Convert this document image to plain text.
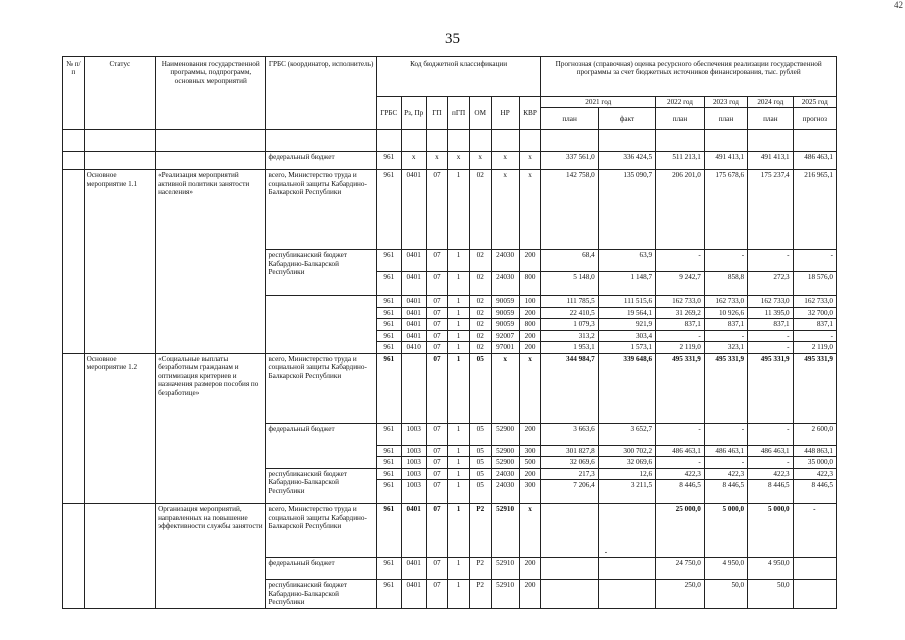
42
35
№ п/п	Статус	Наименования государственной программы, подпрограмм, основных мероприятий	ГРБС (координатор, исполнитель)	Код бюджетной классификации							Прогнозная (справочная) оценка ресурсного обеспечения реализации государственной программы за счет бюджетных источников финансирования, тыс. рублей					
				ГРБС	Рз, Пр	ГП	пГП	ОМ	НР	КВР	2021 год		2022 год	2023 год	2024 год	2025 год
											план	факт	план	план	план	прогноз

			федеральный бюджет	961	x	x	x	x	x	x	337 561,0	336 424,5	511 213,1	491 413,1	491 413,1	486 463,1
	Основное мероприятие 1.1	«Реализация мероприятий активной политики занятости населения»	всего, Министерство труда и социальной защиты Кабардино-Балкарской Республики	961	0401	07	1	02	x	x	142 758,0	135 090,7	206 201,0	175 678,6	175 237,4	216 965,1
			республиканский бюджет Кабардино-Балкарской Республики	961	0401	07	1	02	24030	200	68,4	63,9	-	-	-	-
				961	0401	07	1	02	24030	800	5 148,0	1 148,7	9 242,7	858,8	272,3	18 576,0
				961	0401	07	1	02	90059	100	111 785,5	111 515,6	162 733,0	162 733,0	162 733,0	162 733,0
				961	0401	07	1	02	90059	200	22 410,5	19 564,1	31 269,2	10 926,6	11 395,0	32 700,0
				961	0401	07	1	02	90059	800	1 079,3	921,9	837,1	837,1	837,1	837,1
				961	0401	07	1	02	92007	200	313,2	303,4	-	-	-	-
				961	0410	07	1	02	97001	200	1 953,1	1 573,1	2 119,0	323,1	-	2 119,0
	Основное мероприятие 1.2	«Социальные выплаты безработным гражданам и оптимизация критериев и назначения размеров пособия по безработице»	всего, Министерство труда и социальной защиты Кабардино-Балкарской Республики	961		07	1	05	x	x	344 984,7	339 648,6	495 331,9	495 331,9	495 331,9	495 331,9
			федеральный бюджет	961	1003	07	1	05	52900	200	3 663,6	3 652,7	-	-	-	2 600,0
				961	1003	07	1	05	52900	300	301 827,8	300 702,2	486 463,1	486 463,1	486 463,1	448 863,1
				961	1003	07	1	05	52900	500	32 069,6	32 069,6	-	-	-	35 000,0
			республиканский бюджет Кабардино-Балкарской Республики	961	1003	07	1	05	24030	200	217,3	12,6	422,3	422,3	422,3	422,3
				961	1003	07	1	05	24030	300	7 206,4	3 211,5	8 446,5	8 446,5	8 446,5	8 446,5
		Организация мероприятий, направленных на повышение эффективности службы занятости	всего, Министерство труда и социальной защиты Кабардино-Балкарской Республики	961	0401	07	1	P2	52910	x		-	25 000,0	5 000,0	5 000,0	-
			федеральный бюджет	961	0401	07	1	P2	52910	200			24 750,0	4 950,0	4 950,0	
			республиканский бюджет Кабардино-Балкарской Республики	961	0401	07	1	P2	52910	200			250,0	50,0	50,0	
